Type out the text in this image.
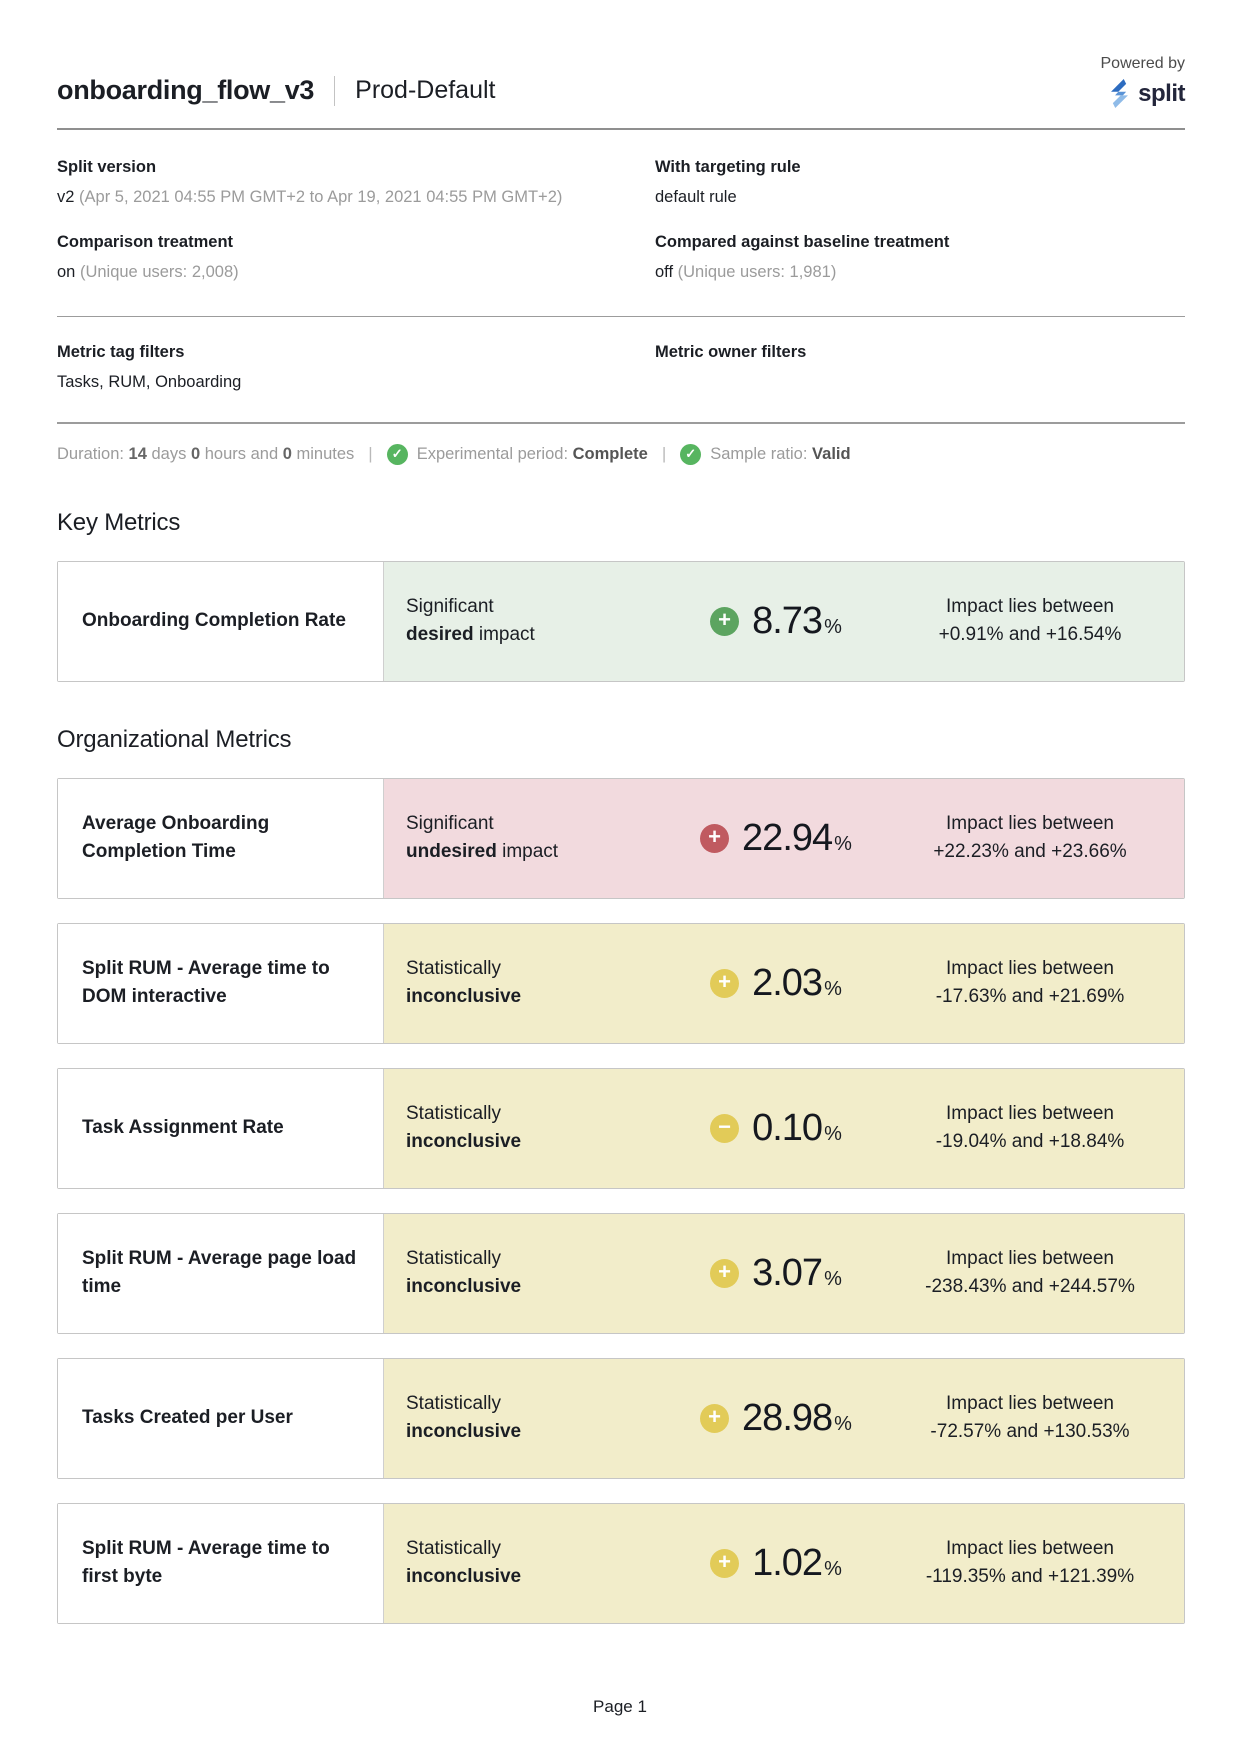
onboarding_flow_v3 Prod-Default
Powered by
split
Split version
v2 (Apr 5, 2021 04:55 PM GMT+2 to Apr 19, 2021 04:55 PM GMT+2)
Comparison treatment
on (Unique users: 2,008)
With targeting rule
default rule
Compared against baseline treatment
off (Unique users: 1,981)
Metric tag filters
Tasks, RUM, Onboarding
Metric owner filters
Duration: 14 days 0 hours and 0 minutes |	✓ Experimental period: Complete |	✓ Sample ratio: Valid
Key Metrics
Onboarding Completion Rate
Significant
desired impact
+ 8.73 %
Impact lies between
+0.91% and +16.54%
Organizational Metrics
Average Onboarding Completion Time
Significant
undesired impact
+ 22.94 %
Impact lies between
+22.23% and +23.66%
Split RUM - Average time to DOM interactive
Statistically
inconclusive
+ 2.03 %
Impact lies between
-17.63% and +21.69%
Task Assignment Rate
Statistically
inconclusive
− 0.10 %
Impact lies between
-19.04% and +18.84%
Split RUM - Average page load time
Statistically
inconclusive
+ 3.07 %
Impact lies between
-238.43% and +244.57%
Tasks Created per User
Statistically
inconclusive
+ 28.98 %
Impact lies between
-72.57% and +130.53%
Split RUM - Average time to first byte
Statistically
inconclusive
+ 1.02 %
Impact lies between
-119.35% and +121.39%
Page 1
